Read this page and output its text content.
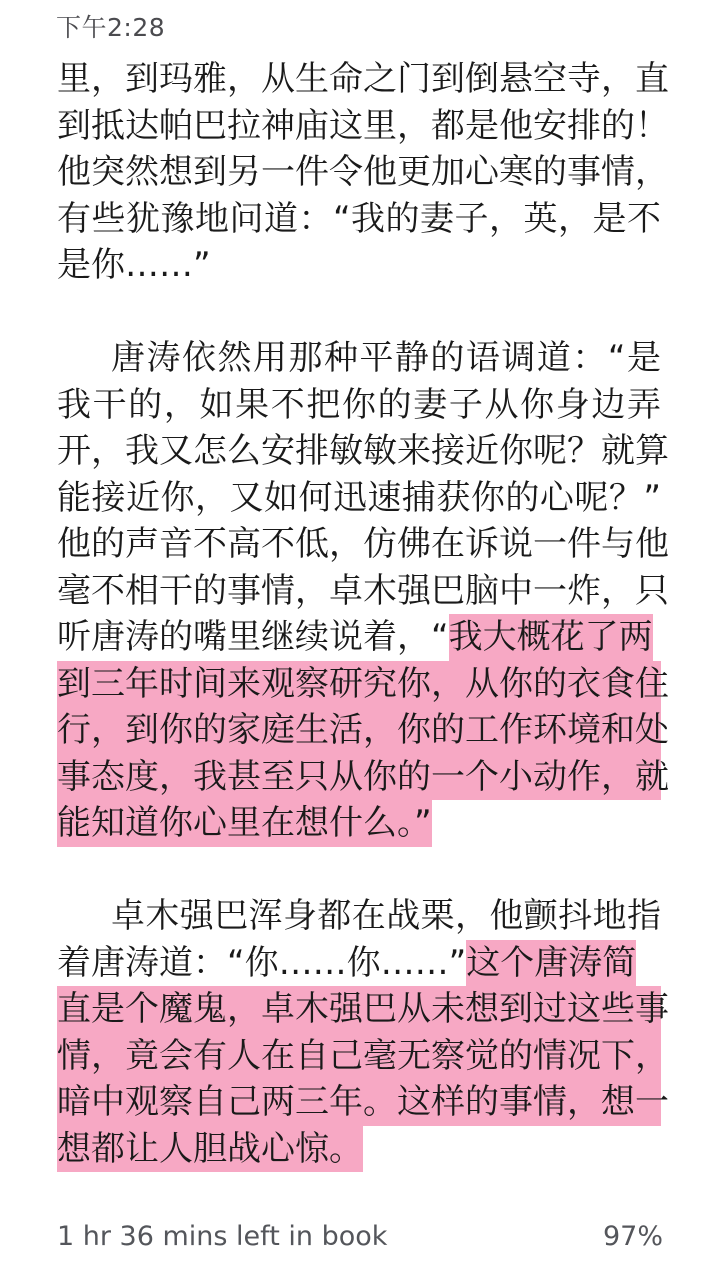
下午2:28
里，到玛雅，从生命之门到倒悬空寺，直
到抵达帕巴拉神庙这里，都是他安排的！
他突然想到另一件令他更加心寒的事情，
有些犹豫地问道：“我的妻子，英，是不
是你……”
唐涛依然用那种平静的语调道：“是
我干的，如果不把你的妻子从你身边弄
开，我又怎么安排敏敏来接近你呢？就算
能接近你，又如何迅速捕获你的心呢？”
他的声音不高不低，仿佛在诉说一件与他
毫不相干的事情，卓木强巴脑中一炸，只
听唐涛的嘴里继续说着，“我大概花了两
到三年时间来观察研究你，从你的衣食住
行，到你的家庭生活，你的工作环境和处
事态度，我甚至只从你的一个小动作，就
能知道你心里在想什么。”
卓木强巴浑身都在战栗，他颤抖地指
着唐涛道：“你……你……”这个唐涛简
直是个魔鬼，卓木强巴从未想到过这些事
情，竟会有人在自己毫无察觉的情况下，
暗中观察自己两三年。这样的事情，想一
想都让人胆战心惊。
1 hr 36 mins left in book	97%
